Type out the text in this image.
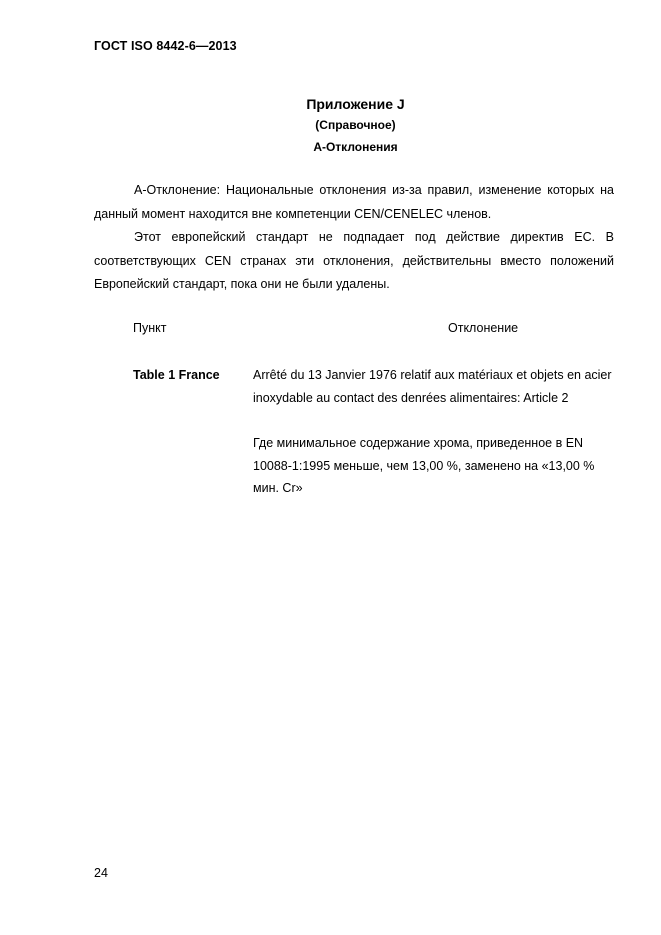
ГОСТ ISO 8442-6—2013
Приложение J
(Справочное)
А-Отклонения

А-Отклонение: Национальные отклонения из-за правил, изменение которых на данный момент находится вне компетенции CEN/CENELEC членов.

Этот европейский стандарт не подпадает под действие директив ЕС. В соответствующих CEN странах эти отклонения, действительны вместо положений Европейский стандарт, пока они не были удалены.

Пункт	Отклонение
Table 1 France	Arrêté du 13 Janvier 1976 relatif aux matériaux et objets en acier inoxydable au contact des denrées alimentaires: Article 2

Где минимальное содержание хрома, приведенное в EN 10088-1:1995 меньше, чем 13,00 %, заменено на «13,00 % мин. Cr»

24
